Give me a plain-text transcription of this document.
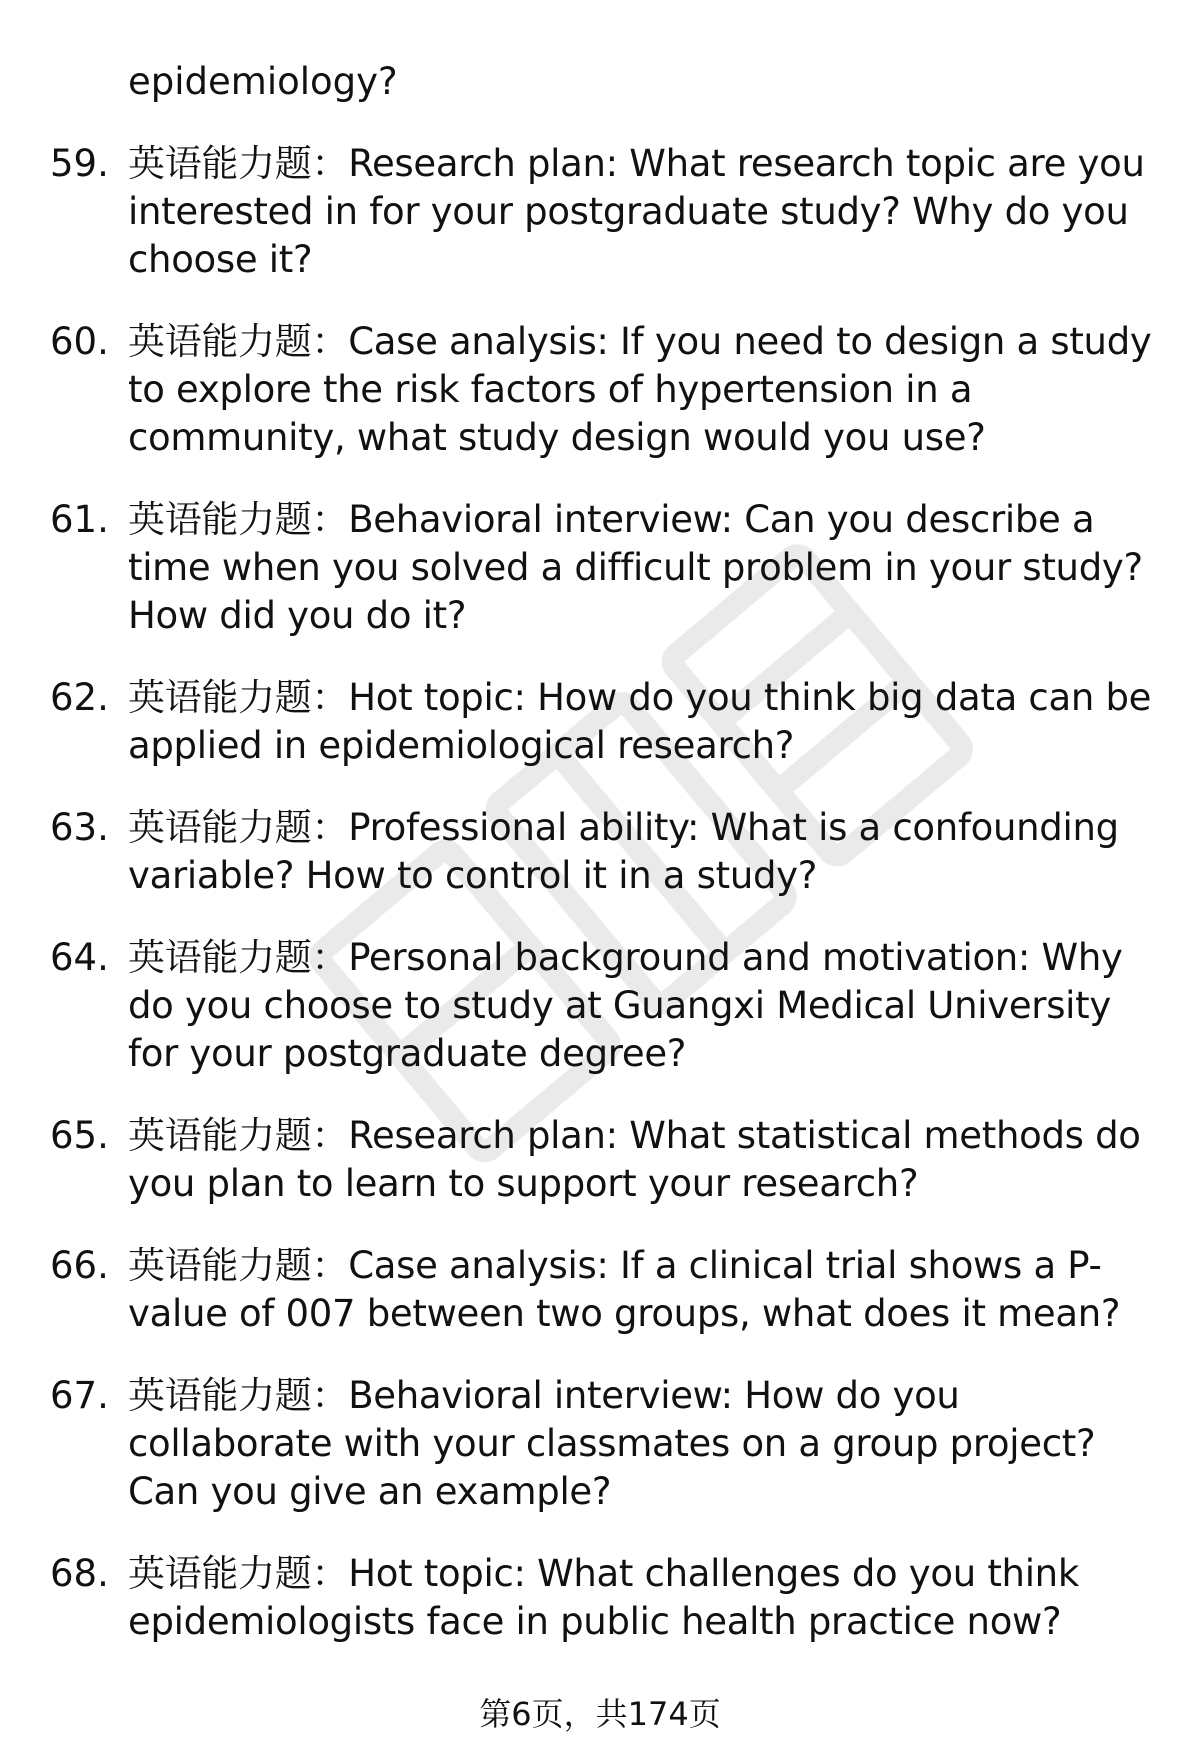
epidemiology?
59. 英语能力题：Research plan: What research topic are you interested in for your postgraduate study? Why do you choose it?
60. 英语能力题：Case analysis: If you need to design a study to explore the risk factors of hypertension in a community, what study design would you use?
61. 英语能力题：Behavioral interview: Can you describe a time when you solved a difficult problem in your study? How did you do it?
62. 英语能力题：Hot topic: How do you think big data can be applied in epidemiological research?
63. 英语能力题：Professional ability: What is a confounding variable? How to control it in a study?
64. 英语能力题：Personal background and motivation: Why do you choose to study at Guangxi Medical University for your postgraduate degree?
65. 英语能力题：Research plan: What statistical methods do you plan to learn to support your research?
66. 英语能力题：Case analysis: If a clinical trial shows a P-value of 007 between two groups, what does it mean?
67. 英语能力题：Behavioral interview: How do you collaborate with your classmates on a group project? Can you give an example?
68. 英语能力题：Hot topic: What challenges do you think epidemiologists face in public health practice now?
第6页，共174页
